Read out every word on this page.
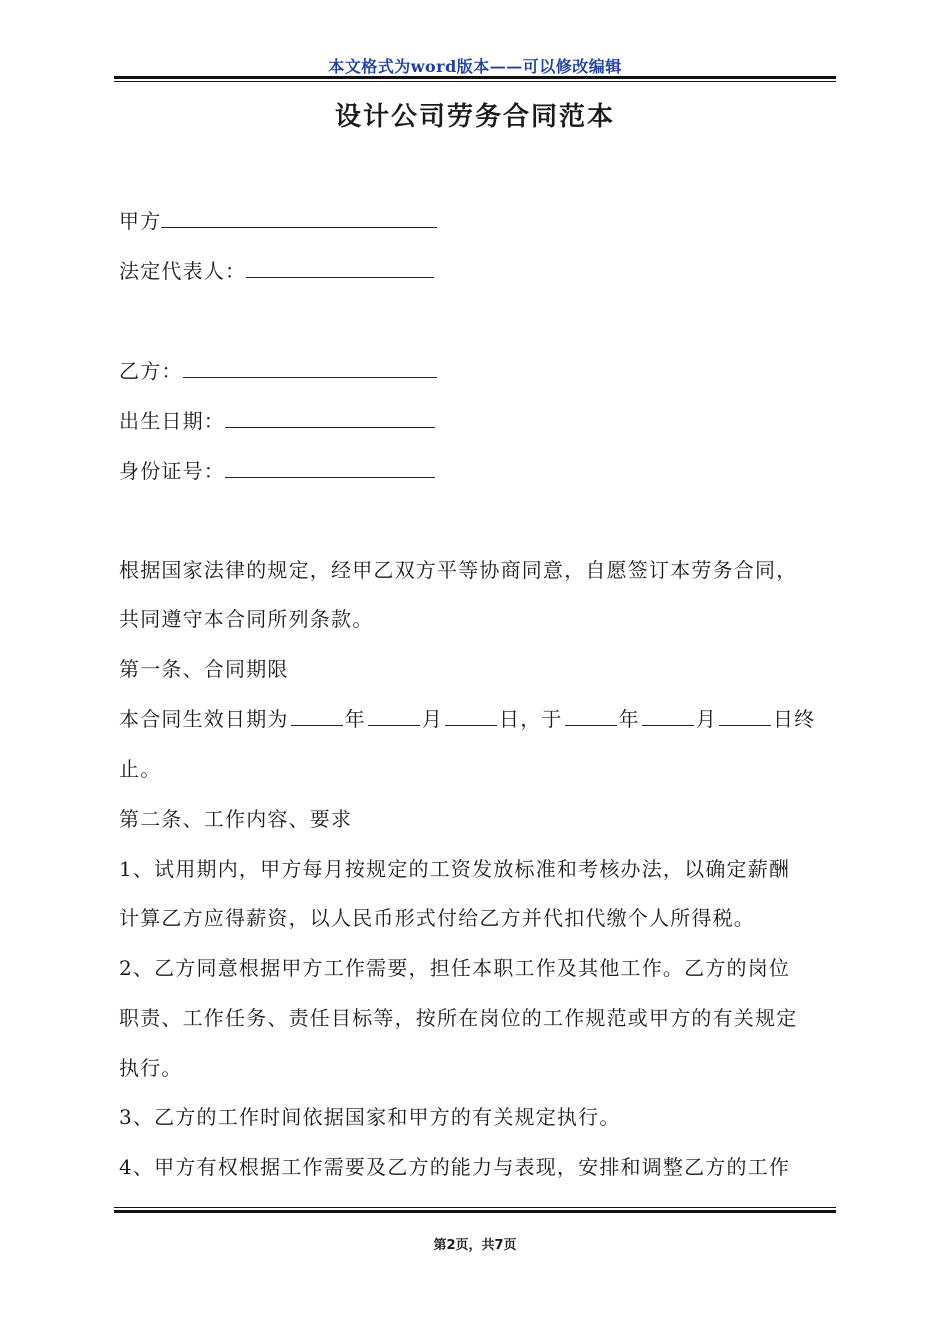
本文格式为word版本——可以修改编辑
设计公司劳务合同范本
甲方
法定代表人：
乙方：
出生日期：
身份证号：
根据国家法律的规定，经甲乙双方平等协商同意，自愿签订本劳务合同，
共同遵守本合同所列条款。
第一条、合同期限
本合同生效日期为	年	月	日，于	年	月	日终
止。
第二条、工作内容、要求
1、试用期内，甲方每月按规定的工资发放标准和考核办法，以确定薪酬
计算乙方应得薪资，以人民币形式付给乙方并代扣代缴个人所得税。
2、乙方同意根据甲方工作需要，担任本职工作及其他工作。乙方的岗位
职责、工作任务、责任目标等，按所在岗位的工作规范或甲方的有关规定
执行。
3、乙方的工作时间依据国家和甲方的有关规定执行。
4、甲方有权根据工作需要及乙方的能力与表现，安排和调整乙方的工作
第2页，共7页
